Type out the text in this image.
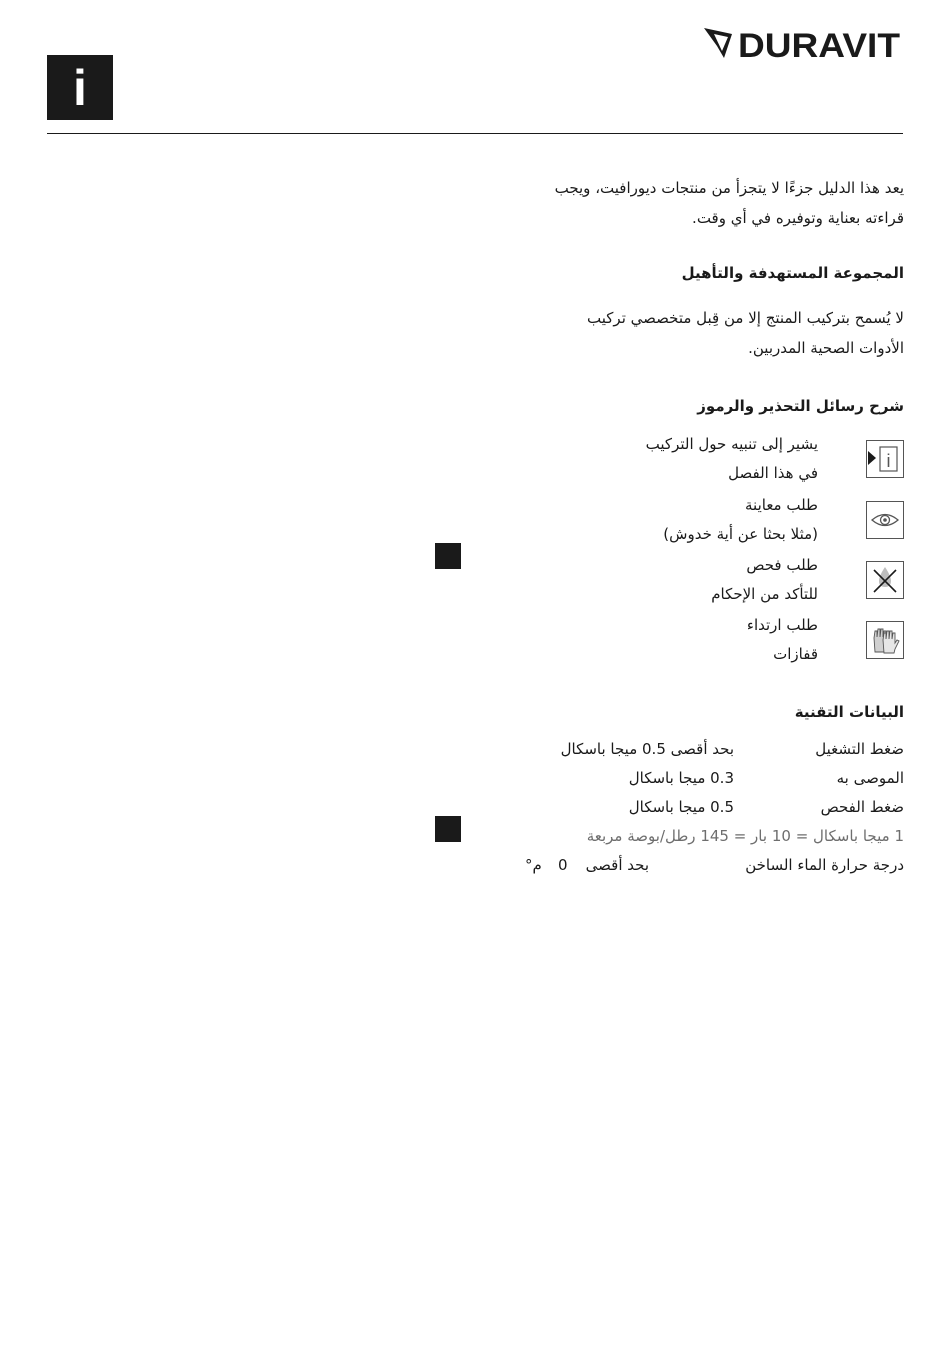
i
DURAVIT
يعد هذا الدليل جزءًا لا يتجزأ من منتجات ديورافيت، ويجب
قراءته بعناية وتوفيره في أي وقت.
المجموعة المستهدفة والتأهيل
لا يُسمح بتركيب المنتج إلا من قِبل متخصصي تركيب
الأدوات الصحية المدربين.
شرح رسائل التحذير والرموز
i
يشير إلى تنبيه حول التركيب
في هذا الفصل
طلب معاينة
(مثلا بحثا عن أية خدوش)
طلب فحص
للتأكد من الإحكام
طلب ارتداء
قفازات
البيانات التقنية
ضغط التشغيل
بحد أقصى 0.5 ميجا باسكال
الموصى به
0.3 ميجا باسكال
ضغط الفحص
0.5 ميجا باسكال
1 ميجا باسكال = 10 بار = 145 رطل/بوصة مربعة
درجة حرارة الماء الساخن
بحد أقصى
0
م°
